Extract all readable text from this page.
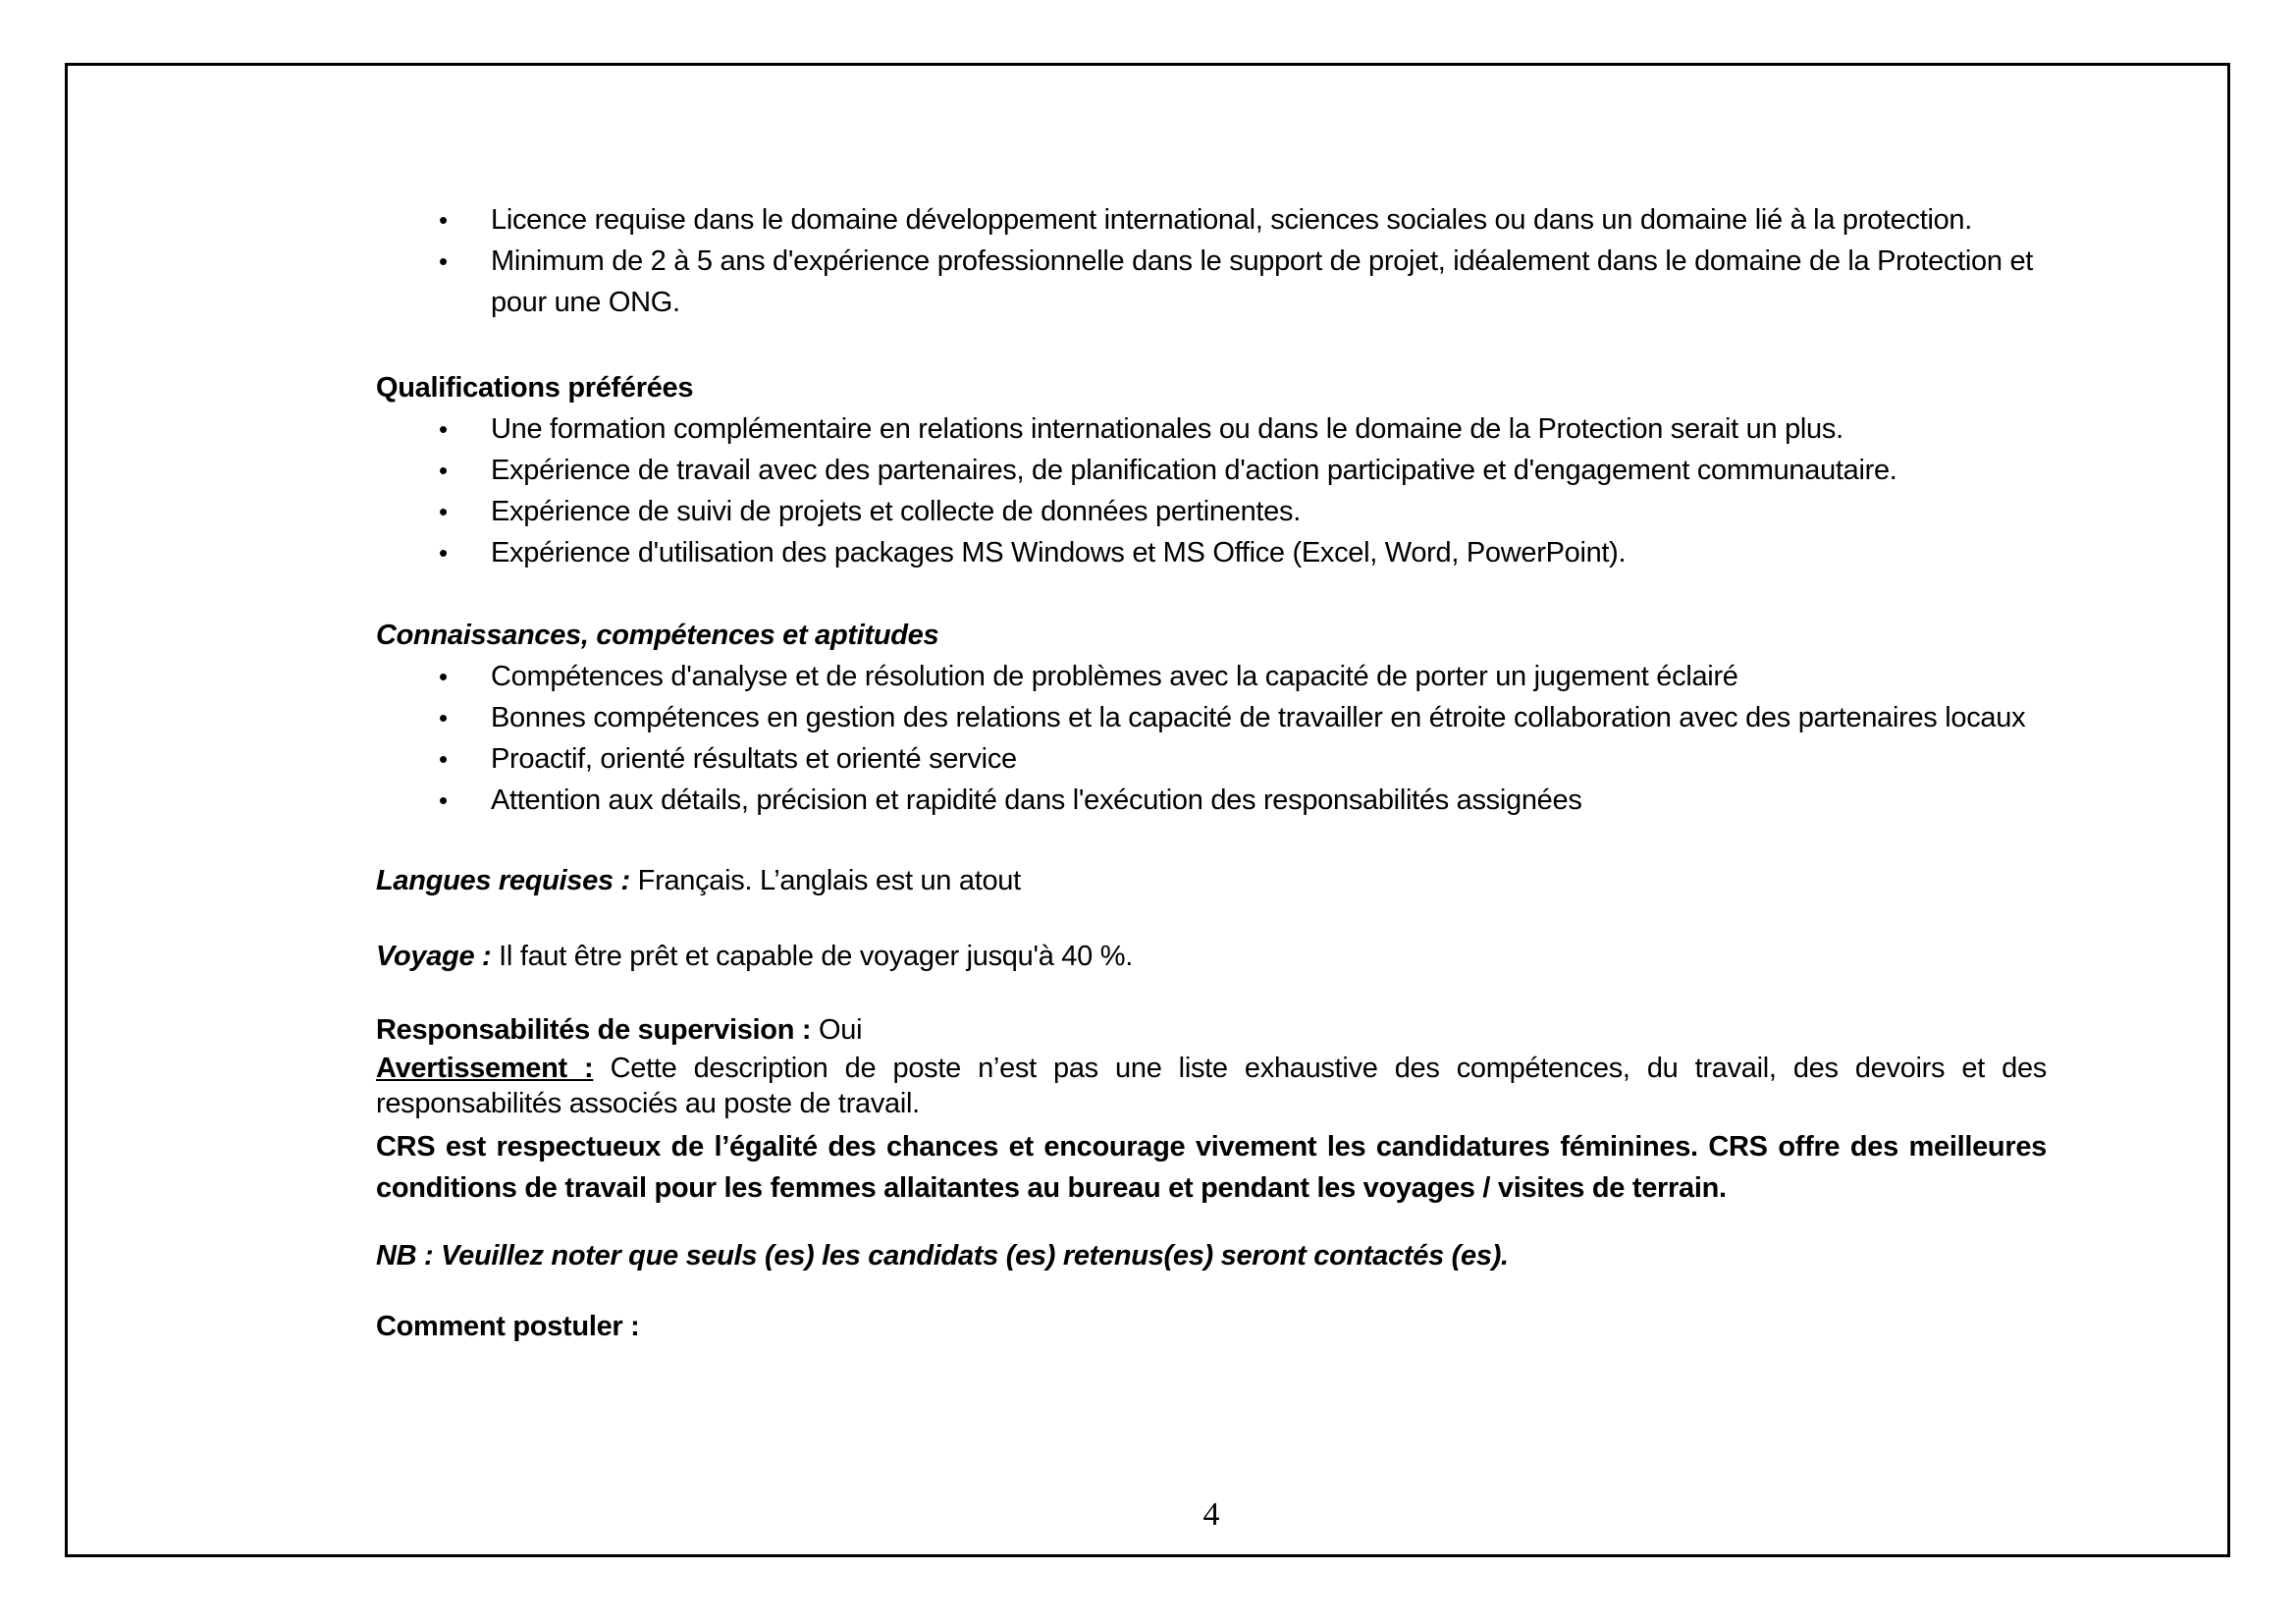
•	Licence requise dans le domaine développement international, sciences sociales ou dans un domaine lié à la protection.
•	Minimum de 2 à 5 ans d'expérience professionnelle dans le support de projet, idéalement dans le domaine de la Protection et pour une ONG.
Qualifications préférées
•	Une formation complémentaire en relations internationales ou dans le domaine de la Protection serait un plus.
•	Expérience de travail avec des partenaires, de planification d'action participative et d'engagement communautaire.
•	Expérience de suivi de projets et collecte de données pertinentes.
•	Expérience d'utilisation des packages MS Windows et MS Office (Excel, Word, PowerPoint).
Connaissances, compétences et aptitudes
•	Compétences d'analyse et de résolution de problèmes avec la capacité de porter un jugement éclairé
•	Bonnes compétences en gestion des relations et la capacité de travailler en étroite collaboration avec des partenaires locaux
•	Proactif, orienté résultats et orienté service
•	Attention aux détails, précision et rapidité dans l'exécution des responsabilités assignées

Langues requises : Français. L’anglais est un atout

Voyage : Il faut être prêt et capable de voyager jusqu'à 40 %.

Responsabilités de supervision : Oui

Avertissement : Cette description de poste n’est pas une liste exhaustive des compétences, du travail, des devoirs et des responsabilités associés au poste de travail.

CRS est respectueux de l’égalité des chances et encourage vivement les candidatures féminines. CRS offre des meilleures conditions de travail pour les femmes allaitantes au bureau et pendant les voyages / visites de terrain.

NB : Veuillez noter que seuls (es) les candidats (es) retenus(es) seront contactés (es).

Comment postuler :

4
